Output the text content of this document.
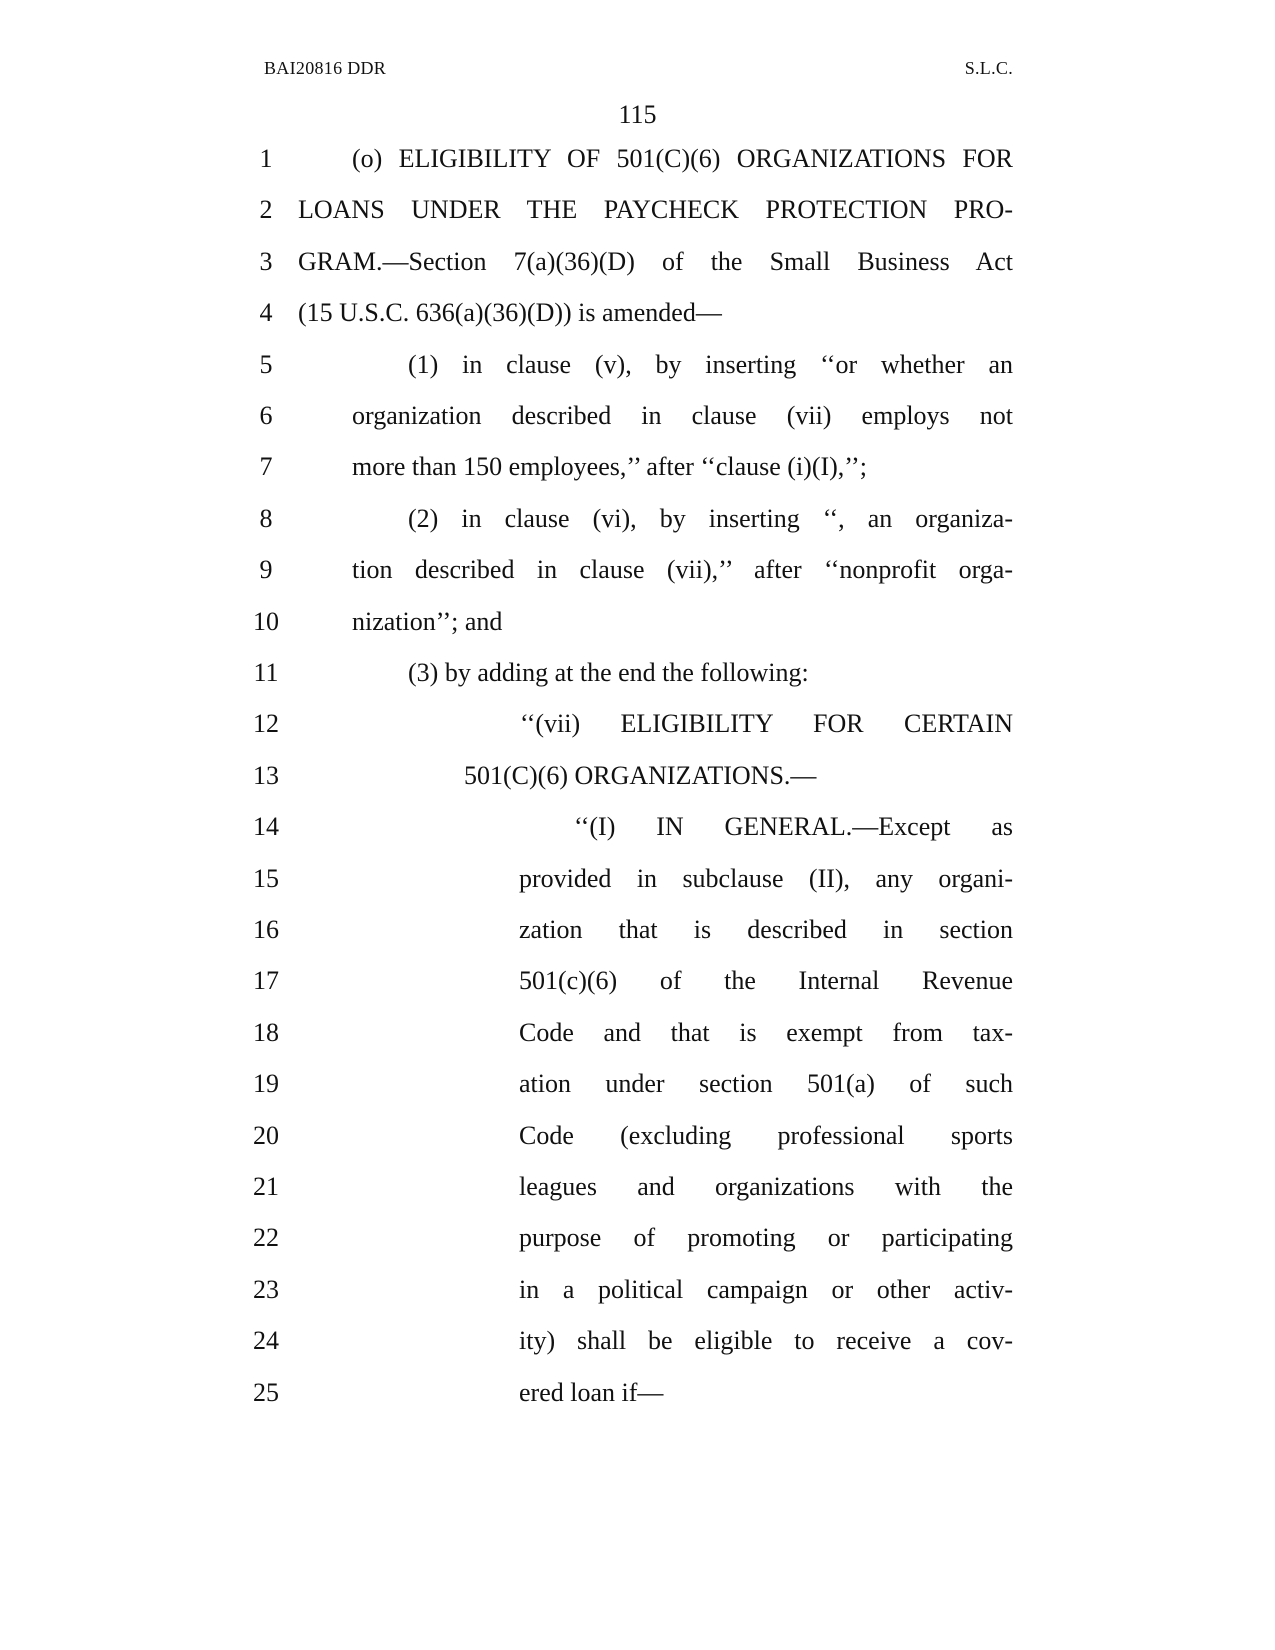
BAI20816 DDR	S.L.C.
115
1	(o) ELIGIBILITY OF 501(C)(6) ORGANIZATIONS FOR
2 LOANS UNDER THE PAYCHECK PROTECTION PRO-
3 GRAM.—Section 7(a)(36)(D) of the Small Business Act
4 (15 U.S.C. 636(a)(36)(D)) is amended—
5	(1) in clause (v), by inserting ‘‘or whether an
6	organization described in clause (vii) employs not
7	more than 150 employees,’’ after ‘‘clause (i)(I),’’;
8	(2) in clause (vi), by inserting ‘‘, an organiza-
9	tion described in clause (vii),’’ after ‘‘nonprofit orga-
10	nization’’; and
11	(3) by adding at the end the following:
12	‘‘(vii) ELIGIBILITY FOR CERTAIN
13	501(C)(6) ORGANIZATIONS.—
14	‘‘(I) IN GENERAL.—Except as
15	provided in subclause (II), any organi-
16	zation that is described in section
17	501(c)(6) of the Internal Revenue
18	Code and that is exempt from tax-
19	ation under section 501(a) of such
20	Code (excluding professional sports
21	leagues and organizations with the
22	purpose of promoting or participating
23	in a political campaign or other activ-
24	ity) shall be eligible to receive a cov-
25	ered loan if—
